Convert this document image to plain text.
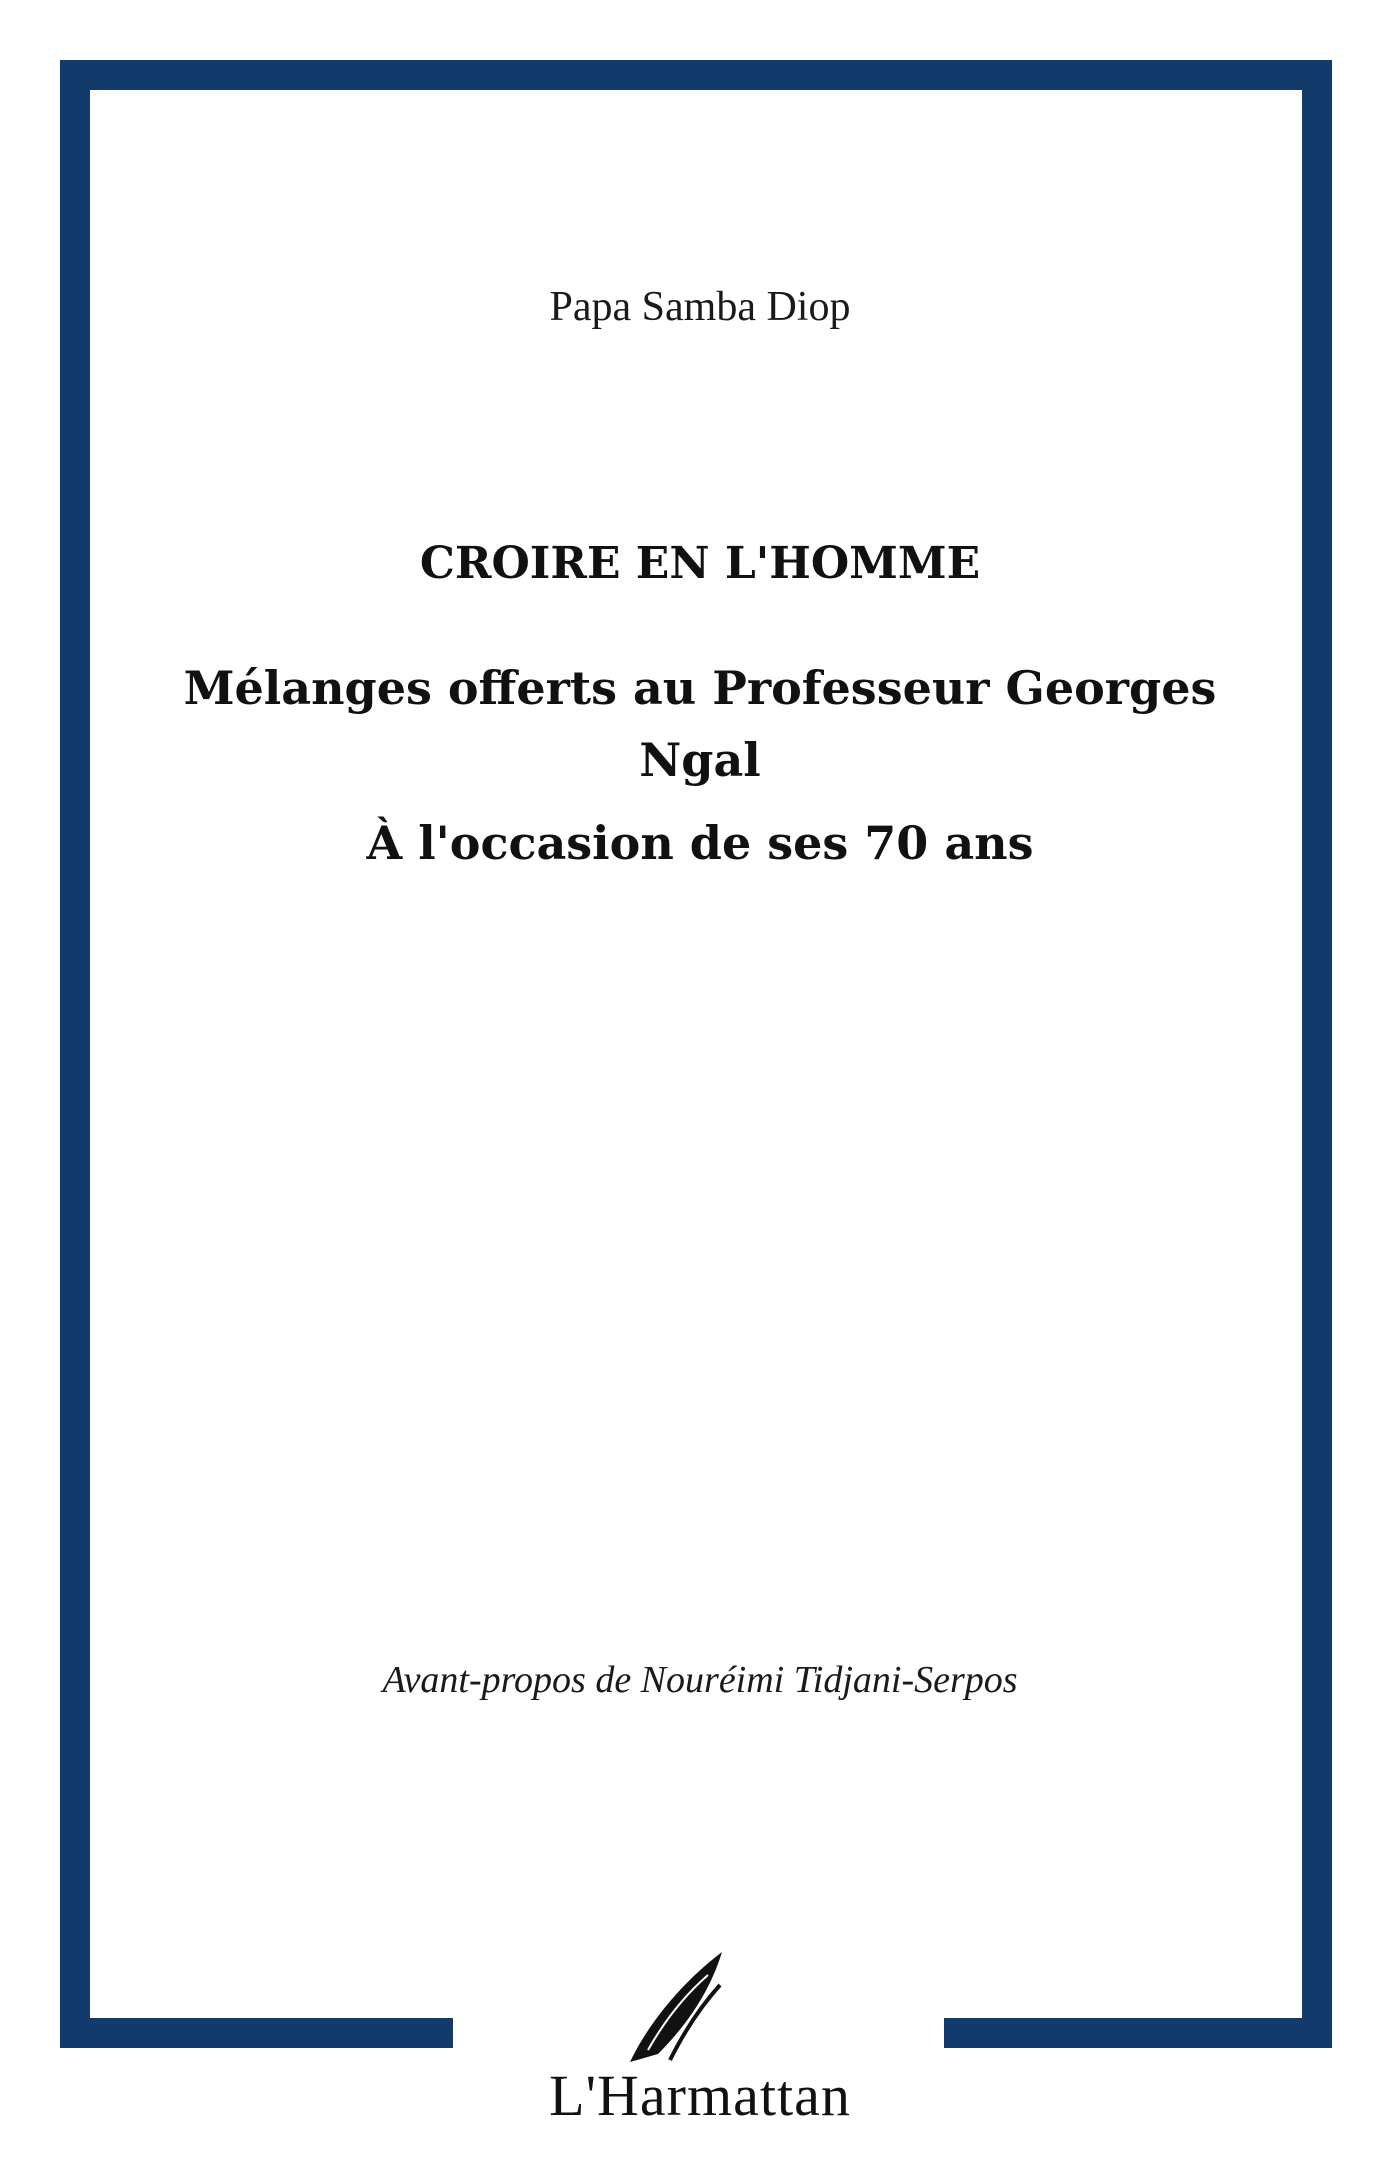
Papa Samba Diop
CROIRE EN L'HOMME
Mélanges offerts au Professeur Georges Ngal
À l'occasion de ses 70 ans
Avant-propos de Nouréimi Tidjani-Serpos
L'Harmattan
